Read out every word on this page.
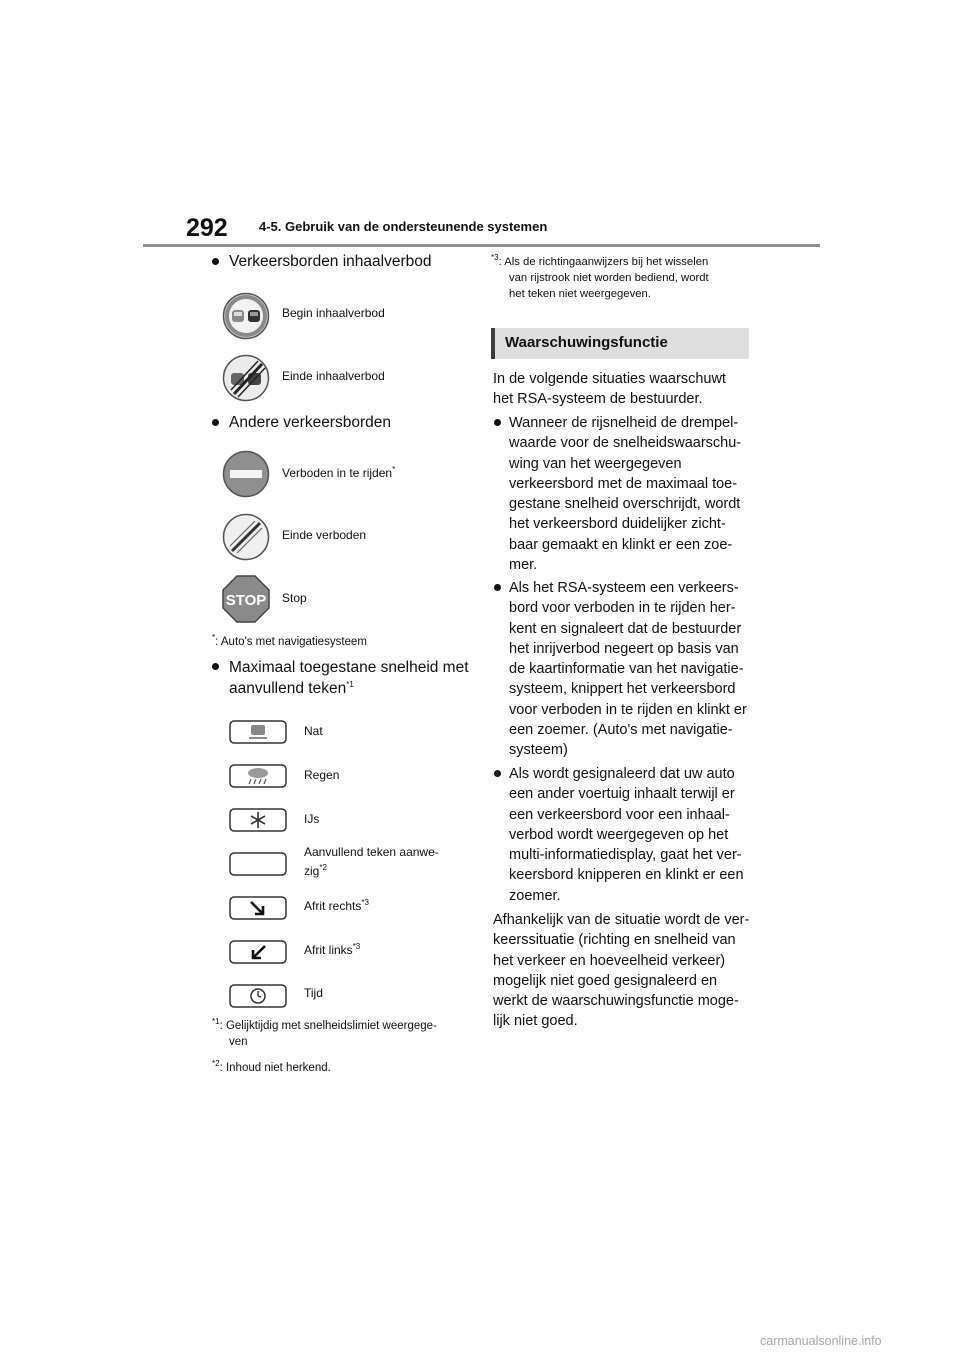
292 4-5. Gebruik van de ondersteunende systemen
Verkeersborden inhaalverbod
Begin inhaalverbod
Einde inhaalverbod
Andere verkeersborden
Verboden in te rijden*
Einde verboden
STOP Stop
*: Auto's met navigatiesysteem
Maximaal toegestane snelheid met
aanvullend teken$^{*1}$
Nat
Regen
IJs
Aanvullend teken aanwe-
zig$^{*2}$
Afrit rechts$^{*3}$
Afrit links$^{*3}$
Tijd
$^{*1}$: Gelijktijdig met snelheidslimiet weergege-
ven
$^{*2}$: Inhoud niet herkend.
$^{*3}$: Als de richtingaanwijzers bij het wisselen
van rijstrook niet worden bediend, wordt
het teken niet weergegeven.
Waarschuwingsfunctie
In de volgende situaties waarschuwt
het RSA-systeem de bestuurder.
Wanneer de rijsnelheid de drempel-
waarde voor de snelheidswaarschu-
wing van het weergegeven
verkeersbord met de maximaal toe-
gestane snelheid overschrijdt, wordt
het verkeersbord duidelijker zicht-
baar gemaakt en klinkt er een zoe-
mer.
Als het RSA-systeem een verkeers-
bord voor verboden in te rijden her-
kent en signaleert dat de bestuurder
het inrijverbod negeert op basis van
de kaartinformatie van het navigatie-
systeem, knippert het verkeersbord
voor verboden in te rijden en klinkt er
een zoemer. (Auto's met navigatie-
systeem)
Als wordt gesignaleerd dat uw auto
een ander voertuig inhaalt terwijl er
een verkeersbord voor een inhaal-
verbod wordt weergegeven op het
multi-informatiedisplay, gaat het ver-
keersbord knipperen en klinkt er een
zoemer.
Afhankelijk van de situatie wordt de ver-
keerssituatie (richting en snelheid van
het verkeer en hoeveelheid verkeer)
mogelijk niet goed gesignaleerd en
werkt de waarschuwingsfunctie moge-
lijk niet goed.
carmanualsonline.info
